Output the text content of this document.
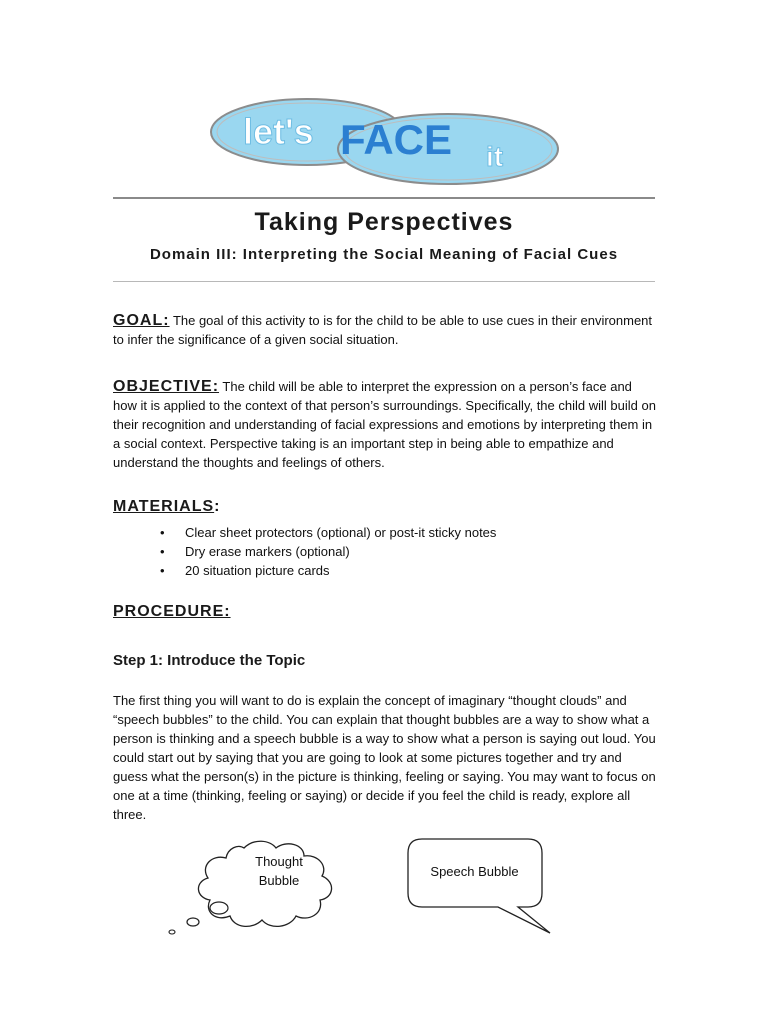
let's FACE it
Taking Perspectives
Domain III: Interpreting the Social Meaning of Facial Cues
GOAL: The goal of this activity to is for the child to be able to use cues in their environment to infer the significance of a given social situation.
OBJECTIVE: The child will be able to interpret the expression on a person’s face and how it is applied to the context of that person’s surroundings. Specifically, the child will build on their recognition and understanding of facial expressions and emotions by interpreting them in a social context. Perspective taking is an important step in being able to empathize and understand the thoughts and feelings of others.
MATERIALS:
• Clear sheet protectors (optional) or post-it sticky notes
• Dry erase markers (optional)
• 20 situation picture cards
PROCEDURE:
Step 1: Introduce the Topic
The first thing you will want to do is explain the concept of imaginary “thought clouds” and “speech bubbles” to the child. You can explain that thought bubbles are a way to show what a person is thinking and a speech bubble is a way to show what a person is saying out loud. You could start out by saying that you are going to look at some pictures together and try and guess what the person(s) in the picture is thinking, feeling or saying. You may want to focus on one at a time (thinking, feeling or saying) or decide if you feel the child is ready, explore all three.
Thought
Bubble
Speech Bubble
